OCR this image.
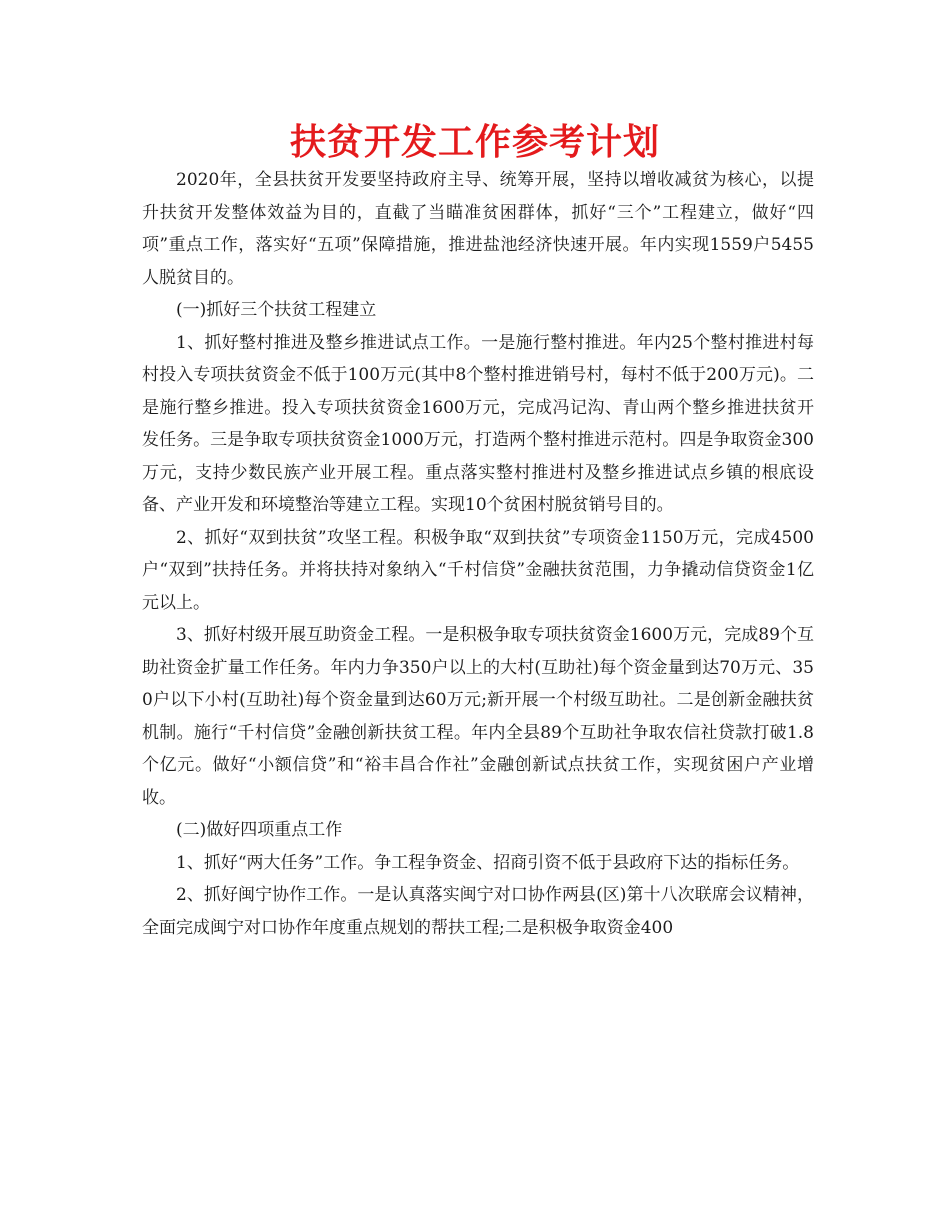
扶贫开发工作参考计划

2020年，全县扶贫开发要坚持政府主导、统筹开展，坚持以增收减贫为核心，以提升扶贫开发整体效益为目的，直截了当瞄准贫困群体，抓好“三个”工程建立，做好“四项”重点工作，落实好“五项”保障措施，推进盐池经济快速开展。年内实现1559户5455人脱贫目的。

(一)抓好三个扶贫工程建立

1、抓好整村推进及整乡推进试点工作。一是施行整村推进。年内25个整村推进村每村投入专项扶贫资金不低于100万元(其中8个整村推进销号村，每村不低于200万元)。二是施行整乡推进。投入专项扶贫资金1600万元，完成冯记沟、青山两个整乡推进扶贫开发任务。三是争取专项扶贫资金1000万元，打造两个整村推进示范村。四是争取资金300万元，支持少数民族产业开展工程。重点落实整村推进村及整乡推进试点乡镇的根底设备、产业开发和环境整治等建立工程。实现10个贫困村脱贫销号目的。

2、抓好“双到扶贫”攻坚工程。积极争取“双到扶贫”专项资金1150万元，完成4500户“双到”扶持任务。并将扶持对象纳入“千村信贷”金融扶贫范围，力争撬动信贷资金1亿元以上。

3、抓好村级开展互助资金工程。一是积极争取专项扶贫资金1600万元，完成89个互助社资金扩量工作任务。年内力争350户以上的大村(互助社)每个资金量到达70万元、350户以下小村(互助社)每个资金量到达60万元;新开展一个村级互助社。二是创新金融扶贫机制。施行“千村信贷”金融创新扶贫工程。年内全县89个互助社争取农信社贷款打破1.8个亿元。做好“小额信贷”和“裕丰昌合作社”金融创新试点扶贫工作，实现贫困户产业增收。

(二)做好四项重点工作

1、抓好“两大任务”工作。争工程争资金、招商引资不低于县政府下达的指标任务。

2、抓好闽宁协作工作。一是认真落实闽宁对口协作两县(区)第十八次联席会议精神，全面完成闽宁对口协作年度重点规划的帮扶工程;二是积极争取资金400
